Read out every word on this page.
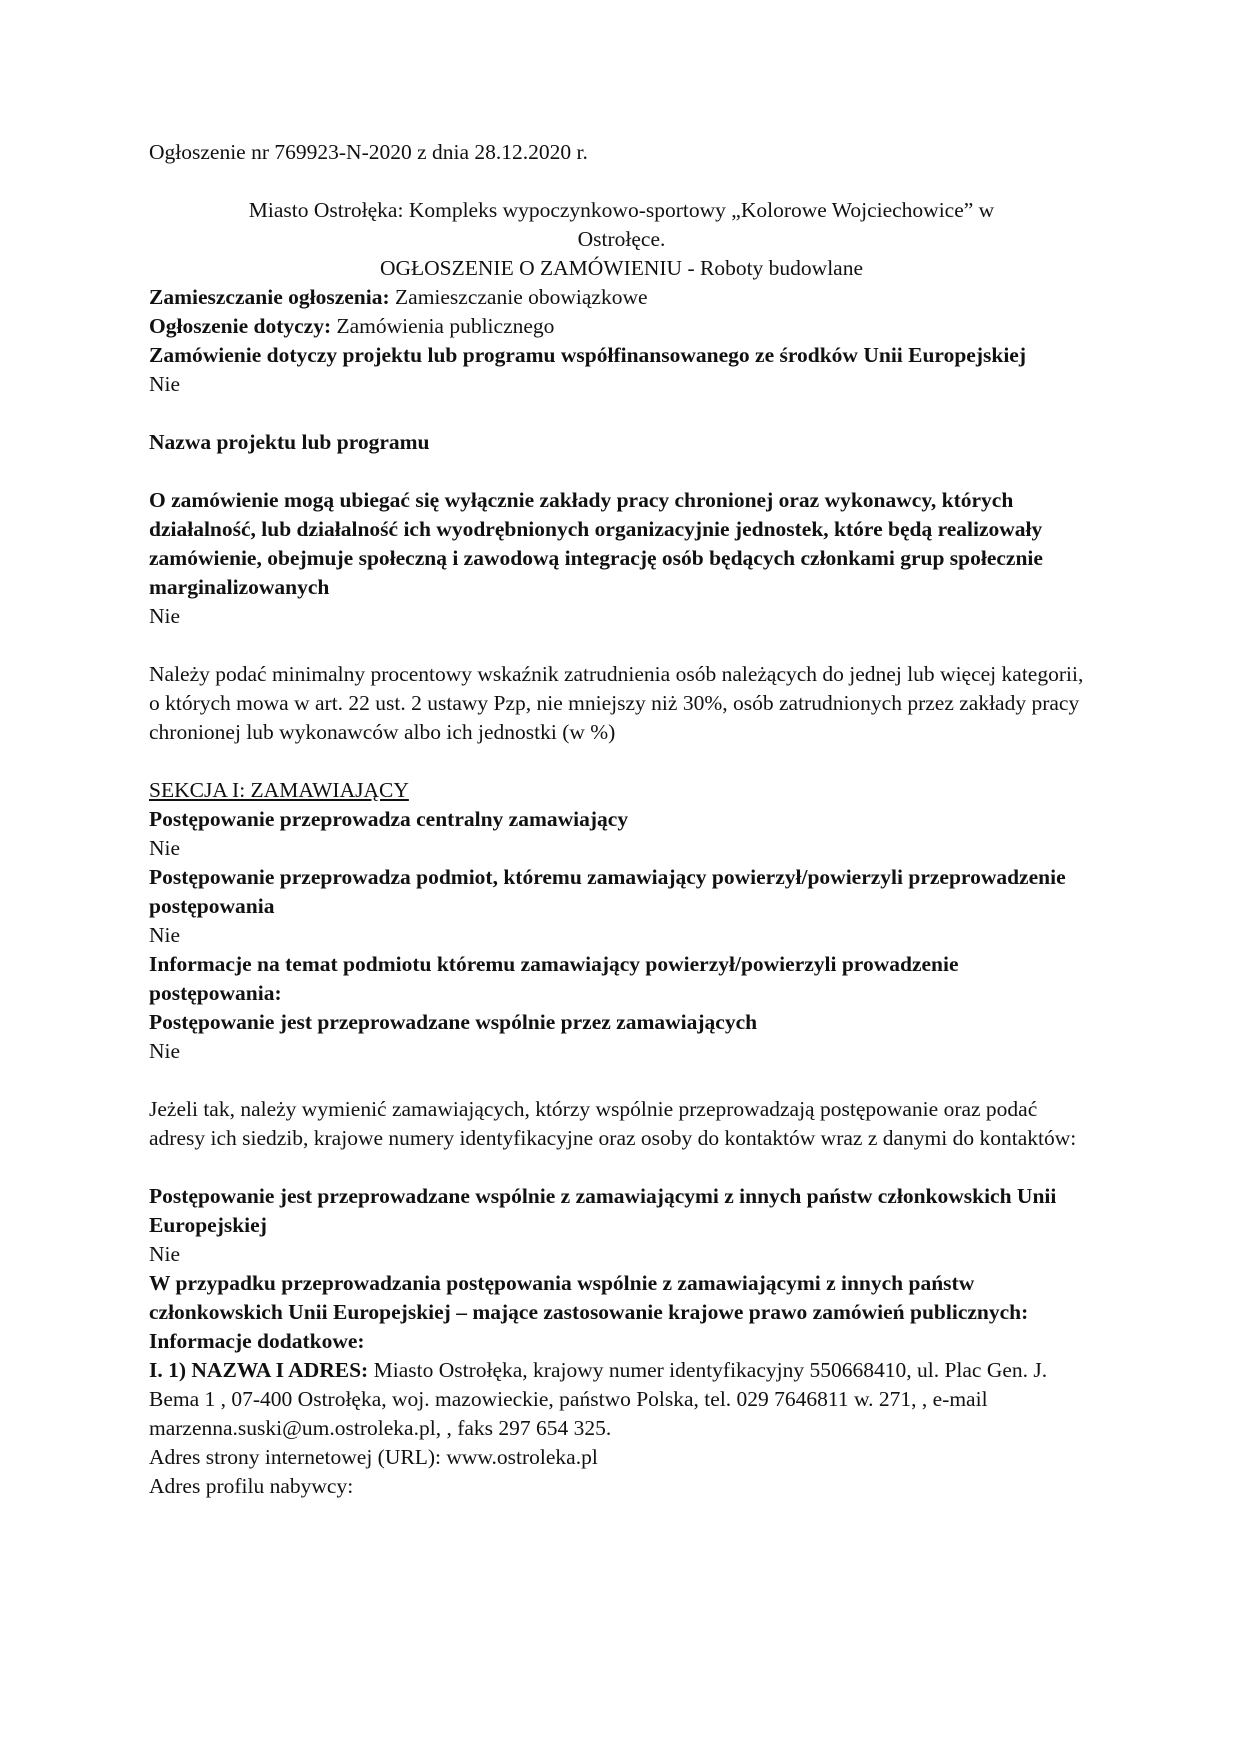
Ogłoszenie nr 769923-N-2020 z dnia 28.12.2020 r.

Miasto Ostrołęka: Kompleks wypoczynkowo-sportowy „Kolorowe Wojciechowice” w

Ostrołęce.

OGŁOSZENIE O ZAMÓWIENIU - Roboty budowlane

Zamieszczanie ogłoszenia: Zamieszczanie obowiązkowe

Ogłoszenie dotyczy: Zamówienia publicznego

Zamówienie dotyczy projektu lub programu współfinansowanego ze środków Unii Europejskiej

Nie

Nazwa projektu lub programu

O zamówienie mogą ubiegać się wyłącznie zakłady pracy chronionej oraz wykonawcy, których działalność, lub działalność ich wyodrębnionych organizacyjnie jednostek, które będą realizowały zamówienie, obejmuje społeczną i zawodową integrację osób będących członkami grup społecznie marginalizowanych

Nie

Należy podać minimalny procentowy wskaźnik zatrudnienia osób należących do jednej lub więcej kategorii, o których mowa w art. 22 ust. 2 ustawy Pzp, nie mniejszy niż 30%, osób zatrudnionych przez zakłady pracy chronionej lub wykonawców albo ich jednostki (w %)

SEKCJA I: ZAMAWIAJĄCY

Postępowanie przeprowadza centralny zamawiający

Nie

Postępowanie przeprowadza podmiot, któremu zamawiający powierzył/powierzyli przeprowadzenie postępowania

Nie

Informacje na temat podmiotu któremu zamawiający powierzył/powierzyli prowadzenie postępowania:

Postępowanie jest przeprowadzane wspólnie przez zamawiających

Nie

Jeżeli tak, należy wymienić zamawiających, którzy wspólnie przeprowadzają postępowanie oraz podać adresy ich siedzib, krajowe numery identyfikacyjne oraz osoby do kontaktów wraz z danymi do kontaktów:

Postępowanie jest przeprowadzane wspólnie z zamawiającymi z innych państw członkowskich Unii Europejskiej

Nie

W przypadku przeprowadzania postępowania wspólnie z zamawiającymi z innych państw członkowskich Unii Europejskiej – mające zastosowanie krajowe prawo zamówień publicznych:

Informacje dodatkowe:

I. 1) NAZWA I ADRES: Miasto Ostrołęka, krajowy numer identyfikacyjny 550668410, ul. Plac Gen. J. Bema 1 , 07-400 Ostrołęka, woj. mazowieckie, państwo Polska, tel. 029 7646811 w. 271, , e-mail marzenna.suski@um.ostroleka.pl, , faks 297 654 325.

Adres strony internetowej (URL): www.ostroleka.pl

Adres profilu nabywcy:
